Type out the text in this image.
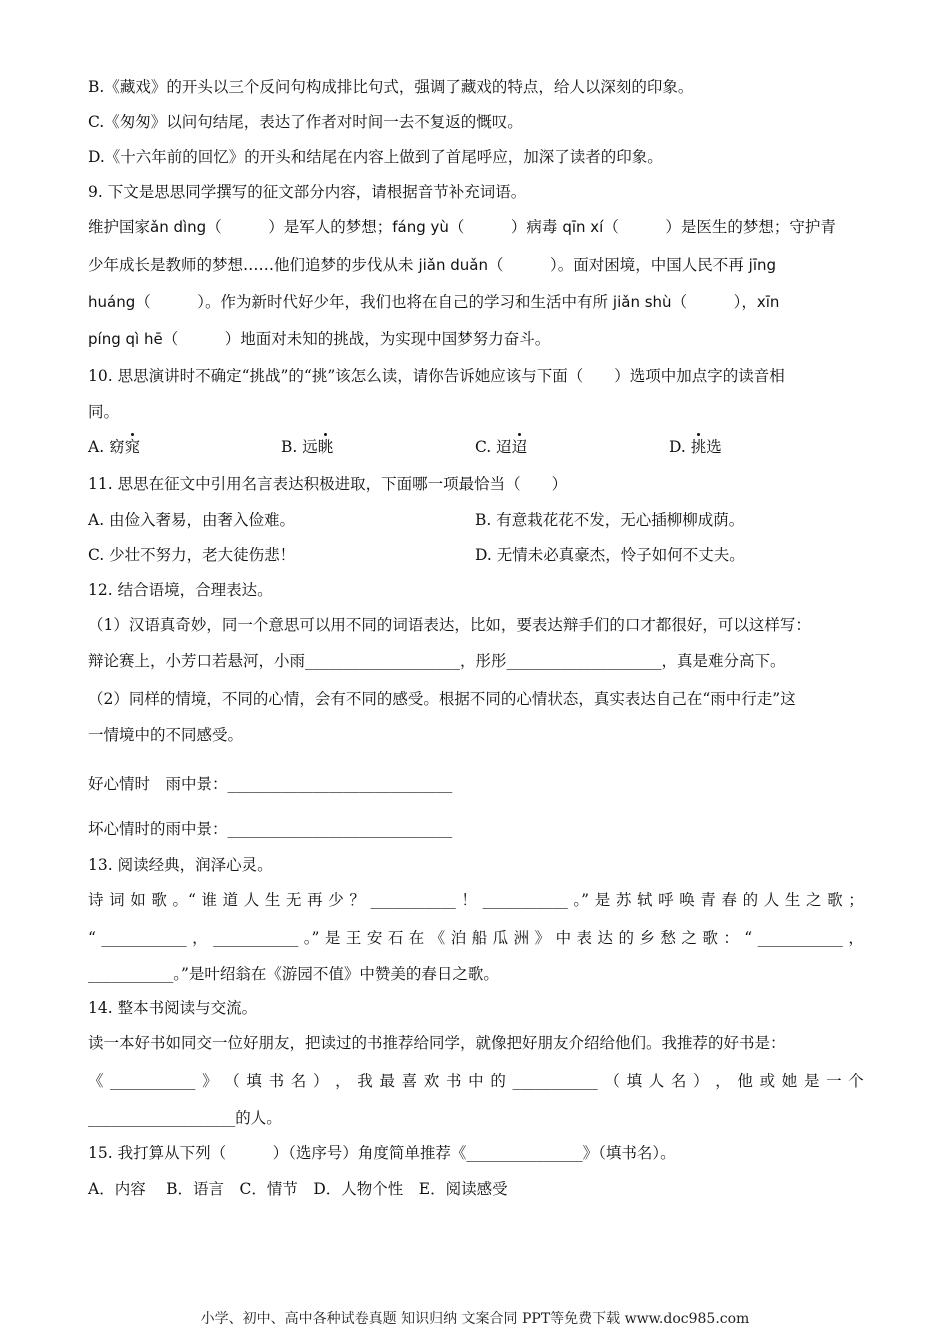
B.《藏戏》的开头以三个反问句构成排比句式，强调了藏戏的特点，给人以深刻的印象。
C.《匆匆》以问句结尾，表达了作者对时间一去不复返的慨叹。
D.《十六年前的回忆》的开头和结尾在内容上做到了首尾呼应，加深了读者的印象。
9. 下文是思思同学撰写的征文部分内容，请根据音节补充词语。
维护国家ǎn dìng（　　　）是军人的梦想；fáng yù（　　　）病毒 qīn xí（　　　）是医生的梦想；守护青
少年成长是教师的梦想……他们追梦的步伐从未 jiǎn duǎn（　　　）。面对困境，中国人民不再 jīng
huáng（　　　）。作为新时代好少年，我们也将在自己的学习和生活中有所 jiǎn shù（　　　），xīn
píng qì hē（　　　）地面对未知的挑战，为实现中国梦努力奋斗。
10. 思思演讲时不确定“挑战”的“挑”该怎么读，请你告诉她应该与下面（　　）选项中加点字的读音相
同。
A. 窈窕	B. 远眺	C. 迢迢	D. 挑选
11. 思思在征文中引用名言表达积极进取，下面哪一项最恰当（　　）
A. 由俭入奢易，由奢入俭难。	B. 有意栽花花不发，无心插柳柳成荫。
C. 少壮不努力，老大徒伤悲！	D. 无情未必真豪杰，怜子如何不丈夫。
12. 结合语境，合理表达。
（1）汉语真奇妙，同一个意思可以用不同的词语表达，比如，要表达辩手们的口才都很好，可以这样写：
辩论赛上，小芳口若悬河，小雨____________________，彤彤____________________，真是难分高下。
（2）同样的情境，不同的心情，会有不同的感受。根据不同的心情状态，真实表达自己在“雨中行走”这
一情境中的不同感受。
好心情时　雨中景：_____________________________
坏心情时的雨中景：_____________________________
13. 阅读经典，润泽心灵。
诗 词 如 歌 。“ 谁 道 人 生 无 再 少 ？ ___________ ！ ___________ 。” 是 苏 轼 呼 唤 青 春 的 人 生 之 歌 ；
“ ___________ ， ___________ 。” 是 王 安 石 在 《 泊 船 瓜 洲 》 中 表 达 的 乡 愁 之 歌 ： “ ___________ ，
___________。”是叶绍翁在《游园不值》中赞美的春日之歌。
14. 整本书阅读与交流。
读一本好书如同交一位好朋友，把读过的书推荐给同学，就像把好朋友介绍给他们。我推荐的好书是：
《 ___________ 》 （ 填 书 名 ） ， 我 最 喜 欢 书 中 的 ___________ （ 填 人 名 ） ， 他 或 她 是 一 个
___________________的人。
15. 我打算从下列（　　　）（选序号）角度简单推荐《_______________》（填书名）。
A．内容　 B．语言　C．情节　D．人物个性　E．阅读感受
小学、初中、高中各种试卷真题 知识归纳 文案合同 PPT等免费下载 www.doc985.com
